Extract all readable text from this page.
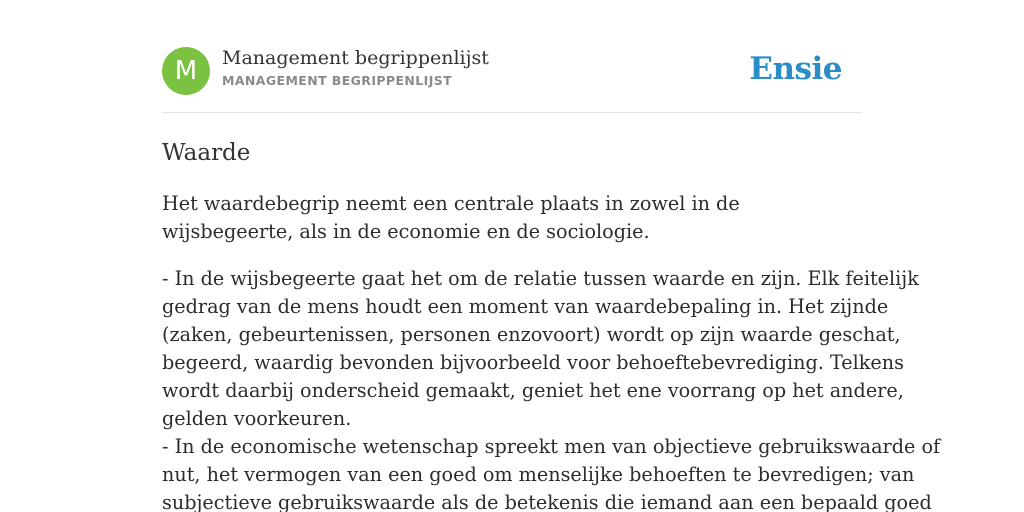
M	Management begrippenlijst
MANAGEMENT BEGRIPPENLIJST	Ensie
Waarde

Het waardebegrip neemt een centrale plaats in zowel in de wijsbegeerte, als in de economie en de sociologie.

- In de wijsbegeerte gaat het om de relatie tussen waarde en zijn. Elk feitelijk
gedrag van de mens houdt een moment van waardebepaling in. Het zijnde
(zaken, gebeurtenissen, personen enzovoort) wordt op zijn waarde geschat,
begeerd, waardig bevonden bijvoorbeeld voor behoeftebevrediging. Telkens
wordt daarbij onderscheid gemaakt, geniet het ene voorrang op het andere,
gelden voorkeuren.
- In de economische wetenschap spreekt men van objectieve gebruikswaarde of
nut, het vermogen van een goed om menselijke behoeften te bevredigen; van
subjectieve gebruikswaarde als de betekenis die iemand aan een bepaald goed
